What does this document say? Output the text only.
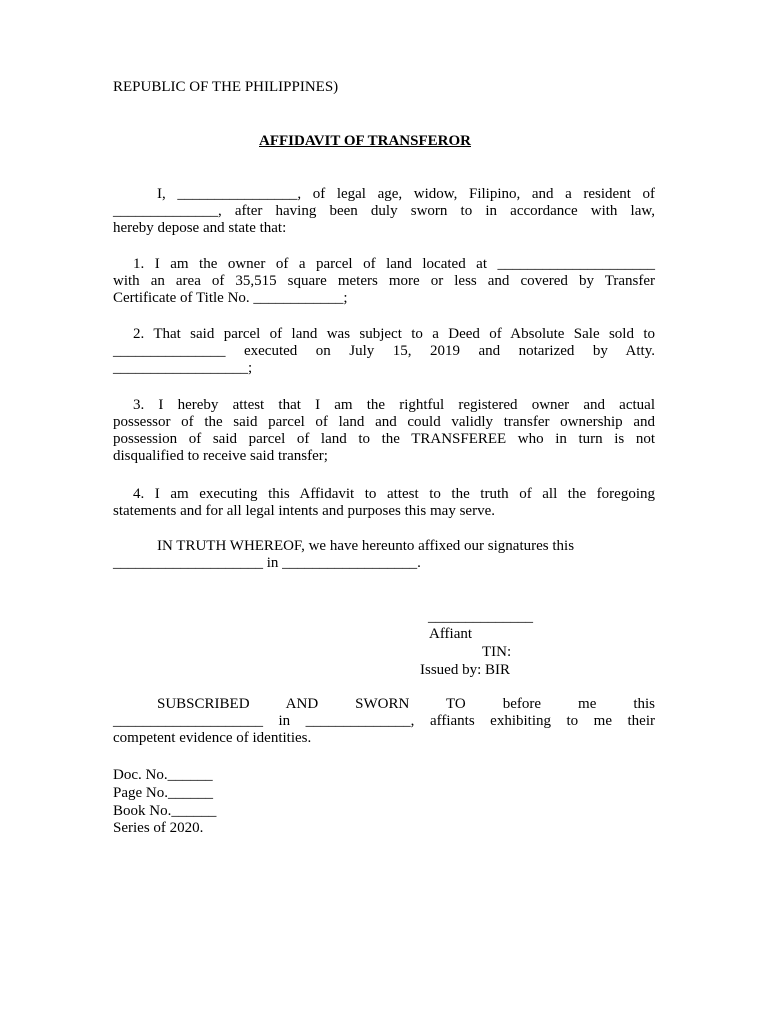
REPUBLIC OF THE PHILIPPINES)
AFFIDAVIT OF TRANSFEROR
I, ________________, of legal age, widow, Filipino, and a resident of
______________, after having been duly sworn to in accordance with law,
hereby depose and state that:
1. I am the owner of a parcel of land located at _____________________
with an area of 35,515 square meters more or less and covered by Transfer
Certificate of Title No. ____________;
2. That said parcel of land was subject to a Deed of Absolute Sale sold to
_______________ executed on July 15, 2019 and notarized by Atty.
__________________;
3. I hereby attest that I am the rightful registered owner and actual
possessor of the said parcel of land and could validly transfer ownership and
possession of said parcel of land to the TRANSFEREE who in turn is not
disqualified to receive said transfer;
4. I am executing this Affidavit to attest to the truth of all the foregoing
statements and for all legal intents and purposes this may serve.
IN TRUTH WHEREOF, we have hereunto affixed our signatures this
____________________ in __________________.
______________
Affiant
TIN:
Issued by: BIR
SUBSCRIBED AND SWORN TO before me this
____________________ in ______________, affiants exhibiting to me their
competent evidence of identities.
Doc. No.______
Page No.______
Book No.______
Series of 2020.
